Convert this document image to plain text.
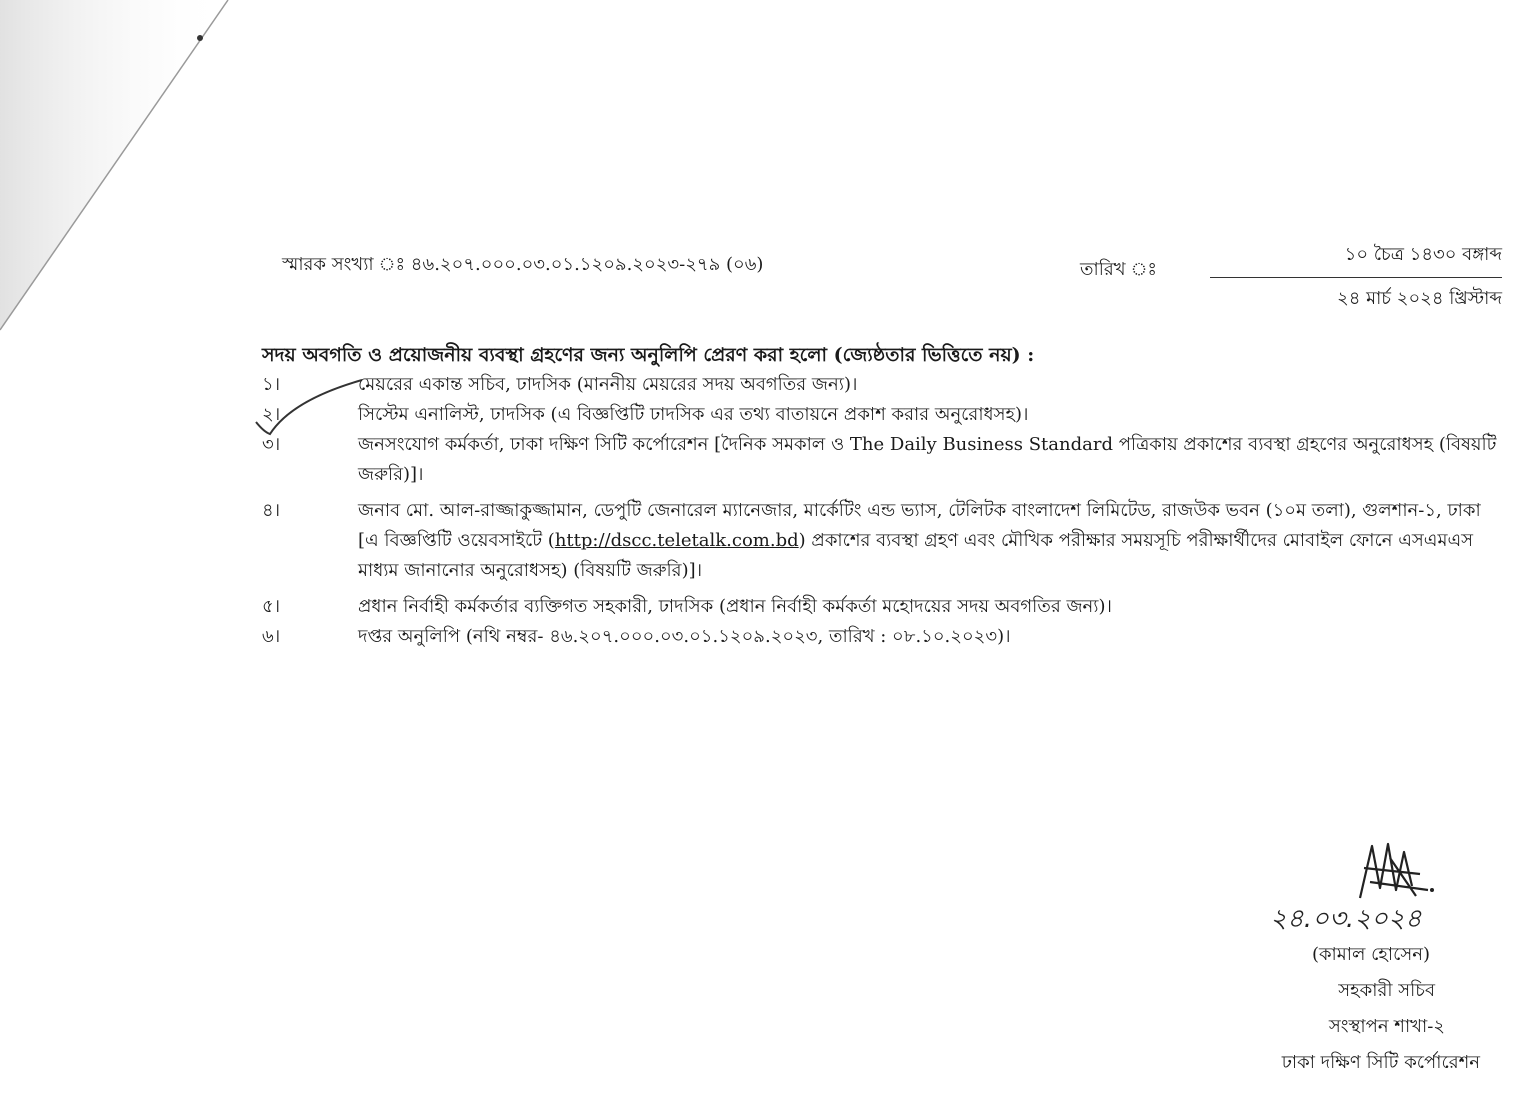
স্মারক সংখ্যা ঃ ৪৬.২০৭.০০০.০৩.০১.১২০৯.২০২৩-২৭৯ (০৬)	তারিখ ঃ
১০ চৈত্র ১৪৩০ বঙ্গাব্দ
২৪ মার্চ ২০২৪ খ্রিস্টাব্দ
সদয় অবগতি ও প্রয়োজনীয় ব্যবস্থা গ্রহণের জন্য অনুলিপি প্রেরণ করা হলো (জ্যেষ্ঠতার ভিত্তিতে নয়) :
১।	মেয়রের একান্ত সচিব, ঢাদসিক (মাননীয় মেয়রের সদয় অবগতির জন্য)।
২।	সিস্টেম এনালিস্ট, ঢাদসিক (এ বিজ্ঞপ্তিটি ঢাদসিক এর তথ্য বাতায়নে প্রকাশ করার অনুরোধসহ)।
৩।	জনসংযোগ কর্মকর্তা, ঢাকা দক্ষিণ সিটি কর্পোরেশন [দৈনিক সমকাল ও The Daily Business Standard পত্রিকায় প্রকাশের ব্যবস্থা গ্রহণের অনুরোধসহ (বিষয়টি জরুরি)]।
৪।	জনাব মো. আল-রাজ্জাকুজ্জামান, ডেপুটি জেনারেল ম্যানেজার, মার্কেটিং এন্ড ভ্যাস, টেলিটক বাংলাদেশ লিমিটেড, রাজউক ভবন (১০ম তলা), গুলশান-১, ঢাকা [এ বিজ্ঞপ্তিটি ওয়েবসাইটে (http://dscc.teletalk.com.bd) প্রকাশের ব্যবস্থা গ্রহণ এবং মৌখিক পরীক্ষার সময়সূচি পরীক্ষার্থীদের মোবাইল ফোনে এসএমএস মাধ্যম জানানোর অনুরোধসহ) (বিষয়টি জরুরি)]।
৫।	প্রধান নির্বাহী কর্মকর্তার ব্যক্তিগত সহকারী, ঢাদসিক (প্রধান নির্বাহী কর্মকর্তা মহোদয়ের সদয় অবগতির জন্য)।
৬।	দপ্তর অনুলিপি (নথি নম্বর- ৪৬.২০৭.০০০.০৩.০১.১২০৯.২০২৩, তারিখ : ০৮.১০.২০২৩)।
২৪.০৩.২০২৪
(কামাল হোসেন)
সহকারী সচিব
সংস্থাপন শাখা-২
ঢাকা দক্ষিণ সিটি কর্পোরেশন
